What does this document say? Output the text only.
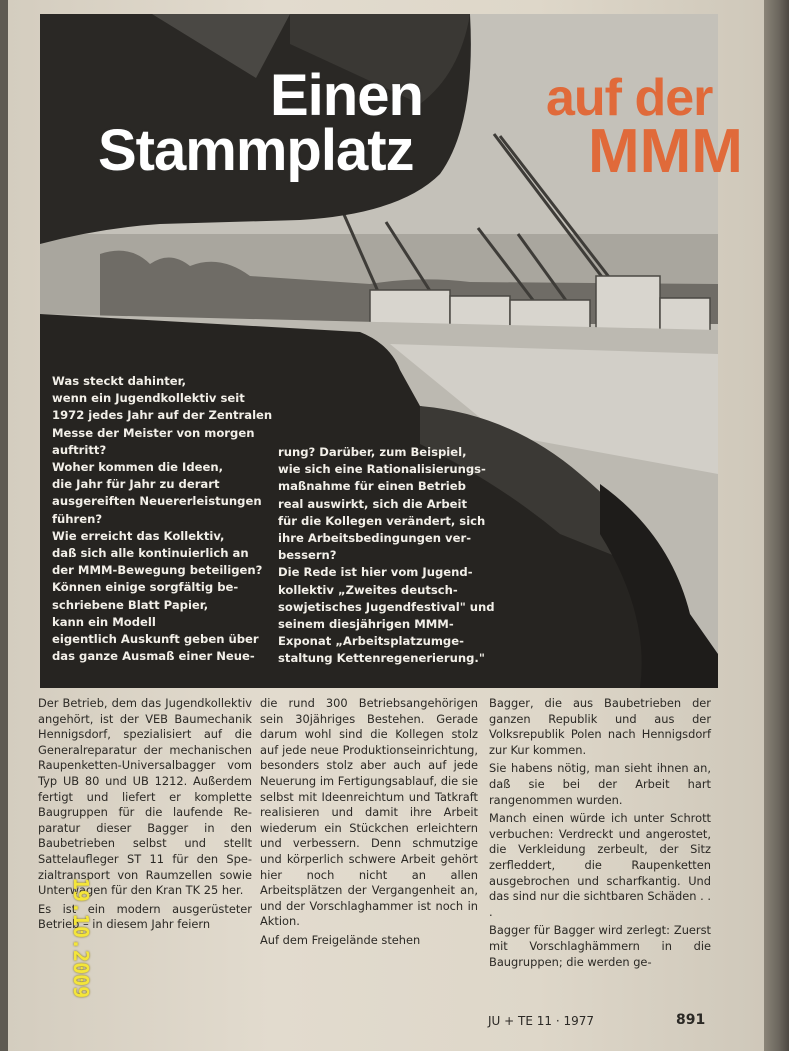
Einen
Stammplatz
auf der
MMM

Was steckt dahinter,

wenn ein Jugendkollektiv seit

1972 jedes Jahr auf der Zentralen

Messe der Meister von morgen

auftritt?

Woher kommen die Ideen,

die Jahr für Jahr zu derart

ausgereiften Neuererleistungen

führen?

Wie erreicht das Kollektiv,

daß sich alle kontinuierlich an

der MMM-Bewegung beteiligen?

Können einige sorgfältig be-

schriebene Blatt Papier,

kann ein Modell

eigentlich Auskunft geben über

das ganze Ausmaß einer Neue-

rung? Darüber, zum Beispiel,

wie sich eine Rationalisierungs-

maßnahme für einen Betrieb

real auswirkt, sich die Arbeit

für die Kollegen verändert, sich

ihre Arbeitsbedingungen ver-

bessern?

Die Rede ist hier vom Jugend-

kollektiv „Zweites deutsch-

sowjetisches Jugendfestival" und

seinem diesjährigen MMM-

Exponat „Arbeitsplatzumge-

staltung Kettenregenerierung."

Der Betrieb, dem das Jugendkollektiv angehört, ist der VEB Baumechanik Hennigsdorf, spezialisiert auf die Generalreparatur der mechanischen Raupenketten-Universalbagger vom Typ UB 80 und UB 1212. Außerdem fertigt und liefert er komplette Baugruppen für die laufende Reparatur dieser Bagger in den Baubetrieben selbst und stellt Sattelaufleger ST 11 für den Spezialtransport von Raumzellen sowie Unterwagen für den Kran TK 25 her.

Es ist ein modern ausgerüsteter Betrieb – in diesem Jahr feiern

die rund 300 Betriebsangehörigen sein 30jähriges Bestehen. Gerade darum wohl sind die Kollegen stolz auf jede neue Produktionseinrichtung, besonders stolz aber auch auf jede Neuerung im Fertigungsablauf, die sie selbst mit Ideenreichtum und Tatkraft realisieren und damit ihre Arbeit wiederum ein Stückchen erleichtern und verbessern. Denn schmutzige und körperlich schwere Arbeit gehört hier noch nicht an allen Arbeitsplätzen der Vergangenheit an, und der Vorschlaghammer ist noch in Aktion.

Auf dem Freigelände stehen

Bagger, die aus Baubetrieben der ganzen Republik und aus der Volksrepublik Polen nach Hennigsdorf zur Kur kommen.

Sie habens nötig, man sieht ihnen an, daß sie bei der Arbeit hart rangenommen wurden.

Manch einen würde ich unter Schrott verbuchen: Verdreckt und angerostet, die Verkleidung zerbeult, der Sitz zerfleddert, die Raupenketten ausgebrochen und scharfkantig. Und das sind nur die sichtbaren Schäden . . .

Bagger für Bagger wird zerlegt: Zuerst mit Vorschlaghämmern in die Baugruppen; die werden ge-

JU + TE 11 · 1977	891
19.10.2009
